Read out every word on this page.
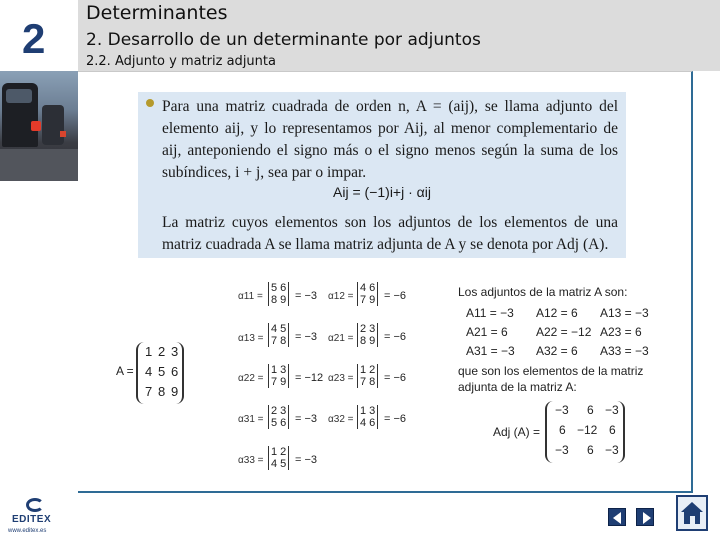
2
Determinantes
2. Desarrollo de un determinante por adjuntos
2.2. Adjunto y matriz adjunta
Para una matriz cuadrada de orden n, A = (aij), se llama adjunto del elemento aij, y lo representamos por Aij, al menor complementario de aij, anteponiendo el signo más o el signo menos según la suma de los subíndices, i + j, sea par o impar.
Aij = (−1)i+j · αij
La matriz cuyos elementos son los adjuntos de los elementos de una matriz cuadrada A se llama matriz adjunta de A y se denota por Adj (A).
A =
1 2 3
4 5 6
7 8 9
α11 =
5 6
8 9 = −3
α13 =
4 5
7 8 = −3
α22 =
1 3
7 9 = −12
α31 =
2 3
5 6 = −3
α33 =
1 2
4 5 = −3
α12 =
4 6
7 9 = −6
α21 =
2 3
8 9 = −6
α23 =
1 2
7 8 = −6
α32 =
1 3
4 6 = −6
Los adjuntos de la matriz A son:
A11 = −3 A12 = 6 A13 = −3
A21 = 6 A22 = −12 A23 = 6
A31 = −3 A32 = 6 A33 = −3
que son los elementos de la matriz
adjunta de la matriz A:
Adj (A) =
−3 6 −3
6 −12 6
−3 6 −3
EDITEX
www.editex.es
